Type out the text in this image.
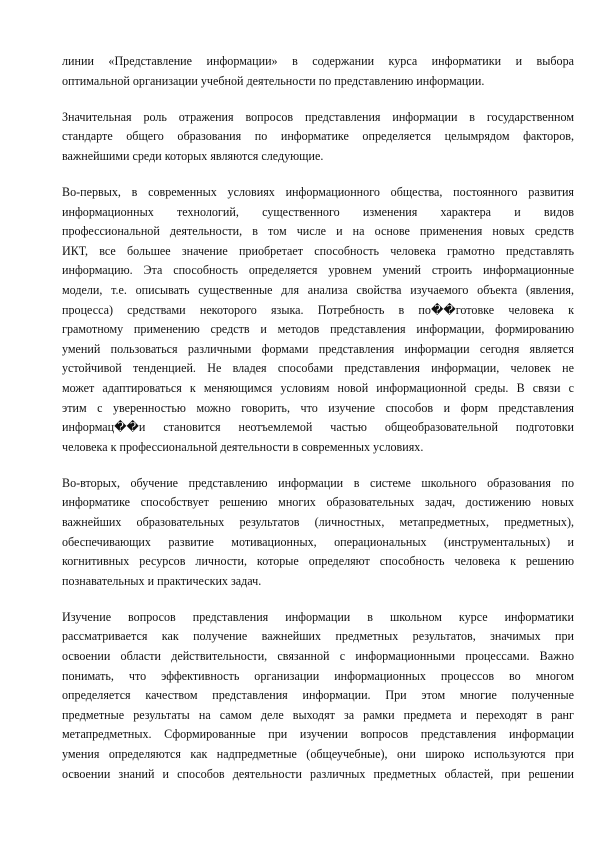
линии «Представление информации» в содержании курса информатики и выбора
оптимальной организации учебной деятельности по представлению информации.
Значительная роль отражения вопросов представления информации в государственном
стандарте общего образования по информатике определяется целымрядом факторов,
важнейшими среди которых являются следующие.
Во-первых, в современных условиях информационного общества, постоянного развития
информационных технологий, существенного изменения характера и видов
профессиональной деятельности, в том числе и на основе применения новых средств
ИКТ, все большее значение приобретает способность человека грамотно представлять
информацию. Эта способность определяется уровнем умений строить информационные
модели, т.е. описывать существенные для анализа свойства изучаемого объекта (явления,
процесса) средствами некоторого языка. Потребность в по��готовке человека к
грамотному применению средств и методов представления информации, формированию
умений пользоваться различными формами представления информации сегодня является
устойчивой тенденцией. Не владея способами представления информации, человек не
может адаптироваться к меняющимся условиям новой информационной среды. В связи с
этим с уверенностью можно говорить, что изучение способов и форм представления
информац��и становится неотъемлемой частью общеобразовательной подготовки
человека к профессиональной деятельности в современных условиях.
Во-вторых, обучение представлению информации в системе школьного образования по
информатике способствует решению многих образовательных задач, достижению новых
важнейших образовательных результатов (личностных, метапредметных, предметных),
обеспечивающих развитие мотивационных, операциональных (инструментальных) и
когнитивных ресурсов личности, которые определяют способность человека к решению
познавательных и практических задач.
Изучение вопросов представления информации в школьном курсе информатики
рассматривается как получение важнейших предметных результатов, значимых при
освоении области действительности, связанной с информационными процессами. Важно
понимать, что эффективность организации информационных процессов во многом
определяется качеством представления информации. При этом многие полученные
предметные результаты на самом деле выходят за рамки предмета и переходят в ранг
метапредметных. Сформированные при изучении вопросов представления информации
умения определяются как надпредметные (общеучебные), они широко используются при
освоении знаний и способов деятельности различных предметных областей, при решении
